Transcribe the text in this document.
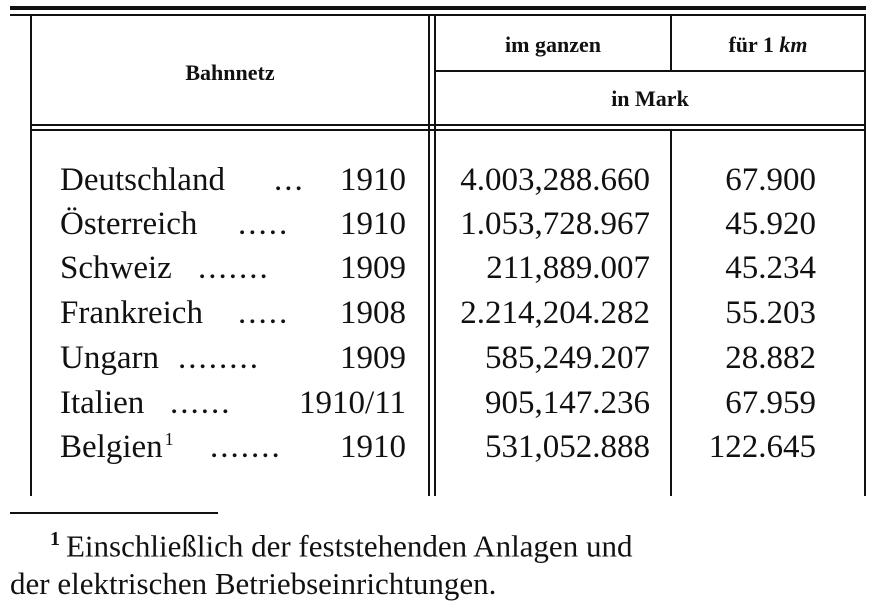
Bahnnetz
im ganzen	für 1 km
in Mark
Deutschland ... 1910	4.003,288.660	67.900
Österreich ..... 1910	1.053,728.967	45.920
Schweiz ....... 1909	211,889.007	45.234
Frankreich ..... 1908	2.214,204.282	55.203
Ungarn ........ 1909	585,249.207	28.882
Italien ...... 1910/11	905,147.236	67.959
Belgien $^1$ ....... 1910	531,052.888	122.645
$^1$ Einschließlich der feststehenden Anlagen und
der elektrischen Betriebseinrichtungen.
